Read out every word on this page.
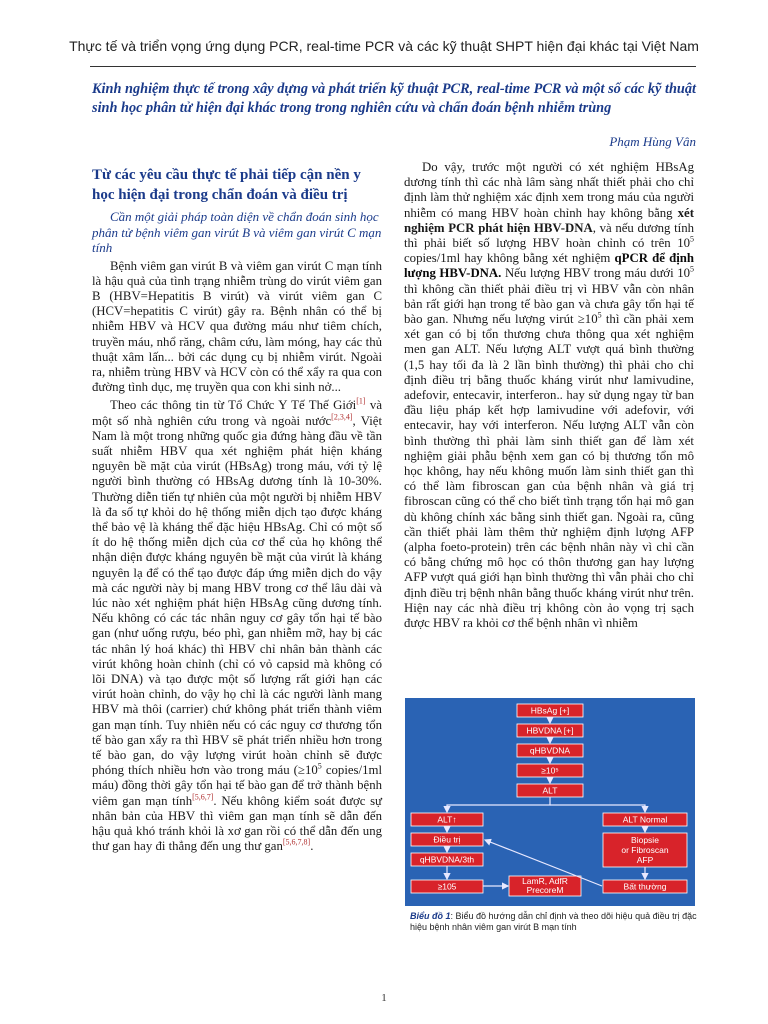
Thực tế và triển vọng ứng dụng PCR, real-time PCR và các kỹ thuật SHPT hiện đại khác tại Việt Nam
Kinh nghiệm thực tế trong xây dựng và phát triển kỹ thuật PCR, real-time PCR và một số các kỹ thuật sinh học phân tử hiện đại khác trong trong nghiên cứu và chẩn đoán bệnh nhiễm trùng

Phạm Hùng Vân

Từ các yêu cầu thực tế phải tiếp cận nền y học hiện đại trong chẩn đoán và điều trị

Cần một giải pháp toàn diện về chẩn đoán sinh học phân tử bệnh viêm gan virút B và viêm gan virút C mạn tính

Bệnh viêm gan virút B và viêm gan virút C mạn tính là hậu quả của tình trạng nhiễm trùng do virút viêm gan B (HBV=Hepatitis B virút) và virút viêm gan C (HCV=hepatitis C virút) gây ra. Bệnh nhân có thể bị nhiễm HBV và HCV qua đường máu như tiêm chích, truyền máu, nhổ răng, châm cứu, làm móng, hay các thủ thuật xâm lấn... bởi các dụng cụ bị nhiễm virút. Ngoài ra, nhiễm trùng HBV và HCV còn có thể xẩy ra qua con đường tình dục, mẹ truyền qua con khi sinh nở...

Theo các thông tin từ Tổ Chức Y Tế Thế Giới[1] và một số nhà nghiên cứu trong và ngoài nước[2,3,4], Việt Nam là một trong những quốc gia đứng hàng đầu về tần suất nhiễm HBV qua xét nghiệm phát hiện kháng nguyên bề mặt của virút (HBsAg) trong máu, với tỷ lệ người bình thường có HBsAg dương tính là 10-30%. Thường diễn tiến tự nhiên của một người bị nhiễm HBV là đa số tự khỏi do hệ thống miễn dịch tạo được kháng thể bảo vệ là kháng thể đặc hiệu HBsAg. Chỉ có một số ít do hệ thống miễn dịch của cơ thể của họ không thể nhận diện được kháng nguyên bề mặt của virút là kháng nguyên lạ để có thể tạo được đáp ứng miễn dịch do vậy mà các người này bị mang HBV trong cơ thể lâu dài và lúc nào xét nghiệm phát hiện HBsAg cũng dương tính. Nếu không có các tác nhân nguy cơ gây tổn hại tế bào gan (như uống rượu, béo phì, gan nhiễm mỡ, hay bị các tác nhân lý hoá khác) thì HBV chỉ nhân bản thành các virút không hoàn chỉnh (chỉ có vỏ capsid mà không có lõi DNA) và tạo được một số lượng rất giới hạn các virút hoàn chỉnh, do vậy họ chỉ là các người lành mang HBV mà thôi (carrier) chứ không phát triển thành viêm gan mạn tính. Tuy nhiên nếu có các nguy cơ thương tổn tế bào gan xẩy ra thì HBV sẽ phát triển nhiều hơn trong tế bào gan, do vậy lượng virút hoàn chỉnh sẽ được phóng thích nhiều hơn vào trong máu ($\ge 10^5$ copies/1ml máu) đồng thời gây tổn hại tế bào gan để trở thành bệnh viêm gan mạn tính[5,6,7]. Nếu không kiểm soát được sự nhân bản của HBV thì viêm gan mạn tính sẽ dẫn đến hậu quả khó tránh khỏi là xơ gan rồi có thể dẫn đến ung thư gan hay đi thẳng đến ung thư gan[5,6,7,8].

Do vậy, trước một người có xét nghiệm HBsAg dương tính thì các nhà lâm sàng nhất thiết phải cho chỉ định làm thử nghiệm xác định xem trong máu của người nhiễm có mang HBV hoàn chỉnh hay không bằng xét nghiệm PCR phát hiện HBV-DNA, và nếu dương tính thì phải biết số lượng HBV hoàn chỉnh có trên $10^5$ copies/1ml hay không bằng xét nghiệm qPCR để định lượng HBV-DNA. Nếu lượng HBV trong máu dưới $10^5$ thì không cần thiết phải điều trị vì HBV vẫn còn nhân bản rất giới hạn trong tế bào gan và chưa gây tổn hại tế bào gan. Nhưng nếu lượng virút $\ge 10^5$ thì cần phải xem xét gan có bị tổn thương chưa thông qua xét nghiệm men gan ALT. Nếu lượng ALT vượt quá bình thường (1,5 hay tối đa là 2 lần bình thường) thì phải cho chỉ định điều trị bằng thuốc kháng virút như lamivudine, adefovir, entecavir, interferon.. hay sử dụng ngay từ ban đầu liệu pháp kết hợp lamivudine với adefovir, với entecavir, hay với interferon. Nếu lượng ALT vẫn còn bình thường thì phải làm sinh thiết gan để làm xét nghiệm giải phẫu bệnh xem gan có bị thương tổn mô học không, hay nếu không muốn làm sinh thiết gan thì có thể làm fibroscan gan của bệnh nhân và giá trị fibroscan cũng có thể cho biết tình trạng tổn hại mô gan dù không chính xác bằng sinh thiết gan. Ngoài ra, cũng cần thiết phải làm thêm thử nghiệm định lượng AFP (alpha foeto-protein) trên các bệnh nhân này vì chỉ cần có bằng chứng mô học có thôn thương gan hay lượng AFP vượt quá giới hạn bình thường thì vẫn phải cho chỉ định điều trị bệnh nhân bằng thuốc kháng virút như trên. Hiện nay các nhà điều trị không còn ảo vọng trị sạch được HBV ra khỏi cơ thể bệnh nhân vì nhiễm

HBsAg [+]
HBVDNA [+]
qHBVDNA
≥10⁵
ALT
ALT↑	ALT Normal
Điều trị	Biopsie
or Fibroscan
AFP
qHBVDNA/3th
≥105
LamR, AdfR
PrecoreM	Bất thường
Biểu đồ 1: Biểu đồ hướng dẫn chỉ định và theo dõi hiệu quả điều trị đặc hiệu bệnh nhân viêm gan virút B mạn tính
1
